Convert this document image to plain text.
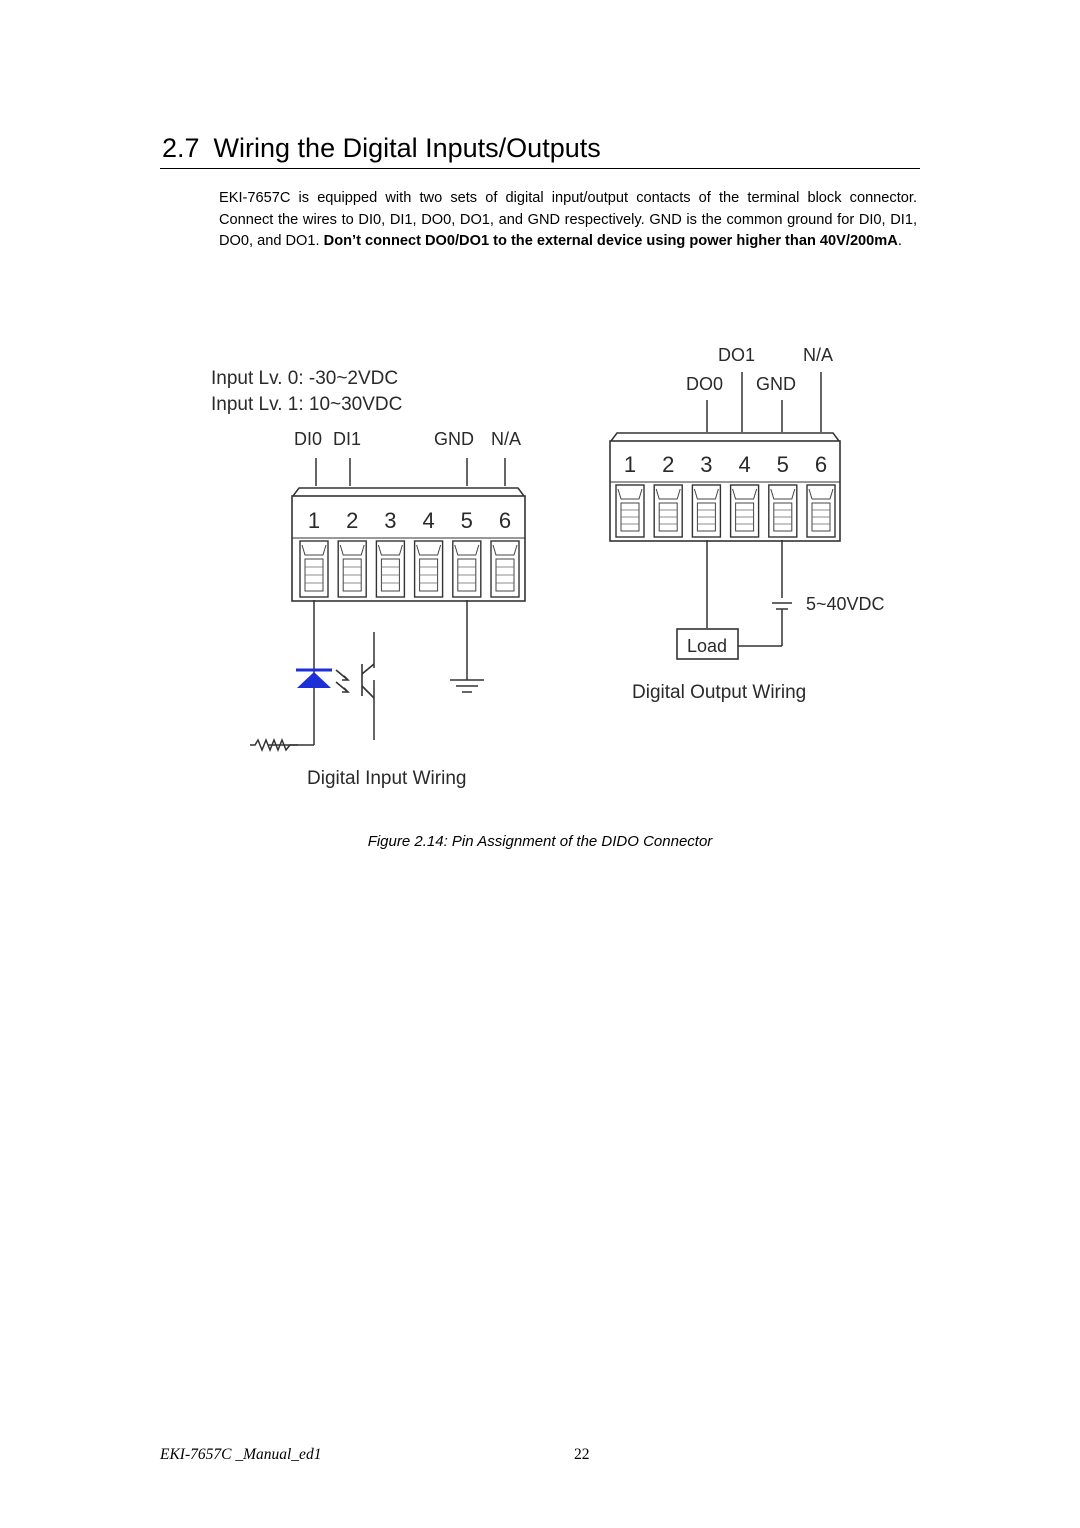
2.7 Wiring the Digital Inputs/Outputs
EKI-7657C is equipped with two sets of digital input/output contacts of the terminal block connector. Connect the wires to DI0, DI1, DO0, DO1, and GND respectively. GND is the common ground for DI0, DI1, DO0, and DO1. Don’t connect DO0/DO1 to the external device using power higher than 40V/200mA.
Input Lv. 0: -30~2VDC
Input Lv. 1: 10~30VDC
DI0 DI1	GND N/A
1 2 3 4 5 6
Digital Input Wiring
DO1	N/A
DO0 GND
1 2 3 4 5 6
5~40VDC
Load
Digital Output Wiring
Figure 2.14: Pin Assignment of the DIDO Connector
EKI-7657C _Manual_ed1	22
